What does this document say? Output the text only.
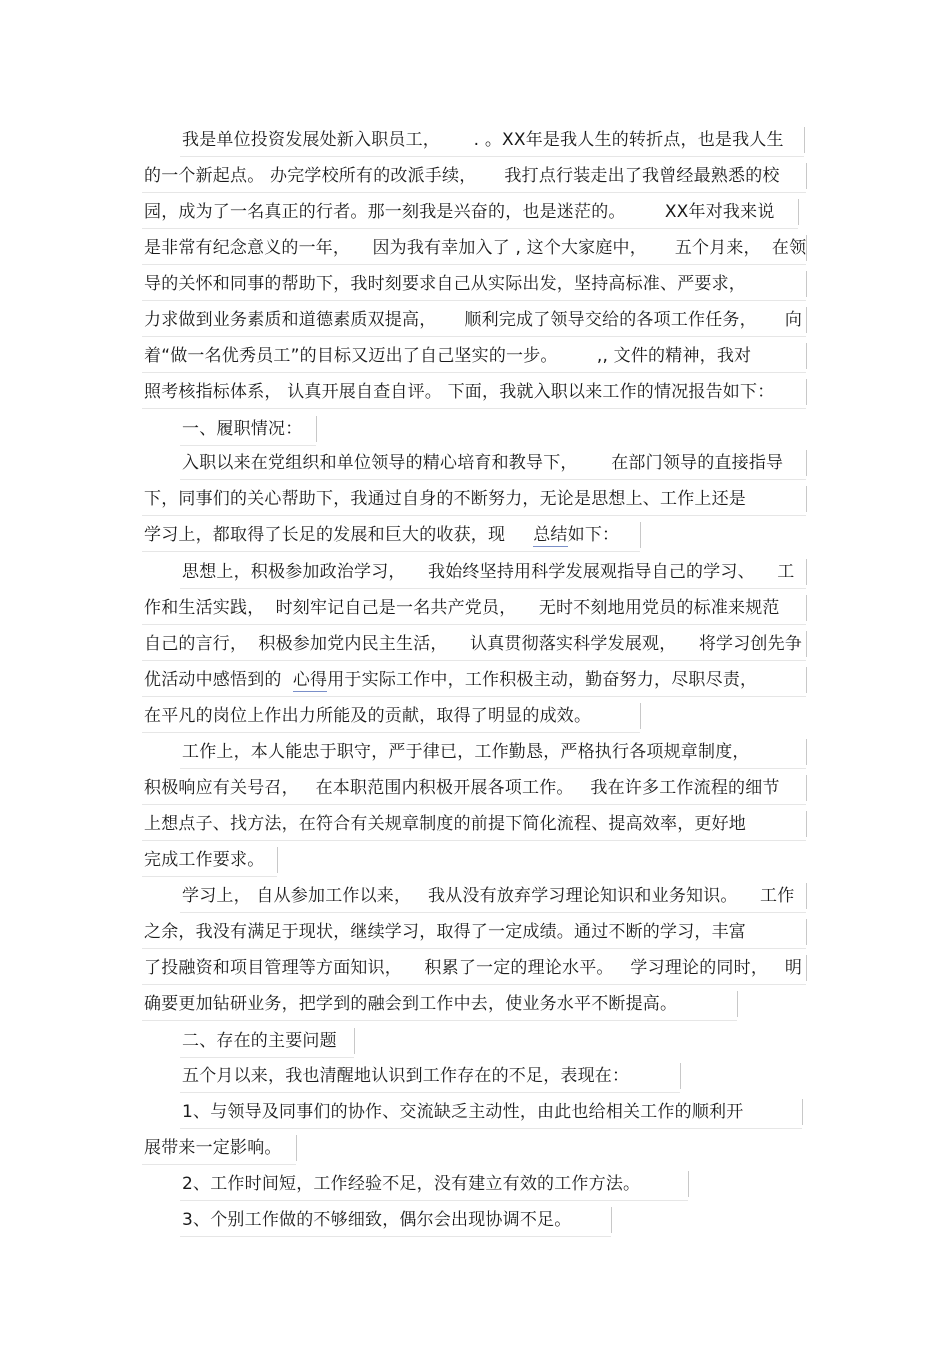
我是单位投资发展处新入职员工，      . 。XX年是我人生的转折点，也是我人生
的一个新起点。 办完学校所有的改派手续，     我打点行装走出了我曾经最熟悉的校
园，成为了一名真正的行者。那一刻我是兴奋的，也是迷茫的。       XX年对我来说
是非常有纪念意义的一年，    因为我有幸加入了 , 这个大家庭中，     五个月来，  在领
导的关怀和同事的帮助下，我时刻要求自己从实际出发，坚持高标准、严要求，
力求做到业务素质和道德素质双提高，     顺利完成了领导交给的各项工作任务，     向
着“做一名优秀员工”的目标又迈出了自己坚实的一步。       ,, 文件的精神，我对
照考核指标体系， 认真开展自查自评。 下面，我就入职以来工作的情况报告如下：
一、履职情况：
入职以来在党组织和单位领导的精心培育和教导下，      在部门领导的直接指导
下，同事们的关心帮助下，我通过自身的不断努力，无论是思想上、工作上还是
学习上，都取得了长足的发展和巨大的收获，现     总结如下：
思想上，积极参加政治学习，    我始终坚持用科学发展观指导自己的学习、    工
作和生活实践，  时刻牢记自己是一名共产党员，    无时不刻地用党员的标准来规范
自己的言行，  积极参加党内民主生活，    认真贯彻落实科学发展观，    将学习创先争
优活动中感悟到的  心得用于实际工作中，工作积极主动，勤奋努力，尽职尽责，
在平凡的岗位上作出力所能及的贡献，取得了明显的成效。
工作上，本人能忠于职守，严于律已，工作勤恳，严格执行各项规章制度，
积极响应有关号召，   在本职范围内积极开展各项工作。   我在许多工作流程的细节
上想点子、找方法，在符合有关规章制度的前提下简化流程、提高效率，更好地
完成工作要求。
学习上， 自从参加工作以来，   我从没有放弃学习理论知识和业务知识。    工作
之余，我没有满足于现状，继续学习，取得了一定成绩。通过不断的学习，丰富
了投融资和项目管理等方面知识，    积累了一定的理论水平。   学习理论的同时，   明
确要更加钻研业务，把学到的融会到工作中去，使业务水平不断提高。
二、存在的主要问题
五个月以来，我也清醒地认识到工作存在的不足，表现在：
1、与领导及同事们的协作、交流缺乏主动性，由此也给相关工作的顺利开
展带来一定影响。
2、工作时间短，工作经验不足，没有建立有效的工作方法。
3、个别工作做的不够细致，偶尔会出现协调不足。
